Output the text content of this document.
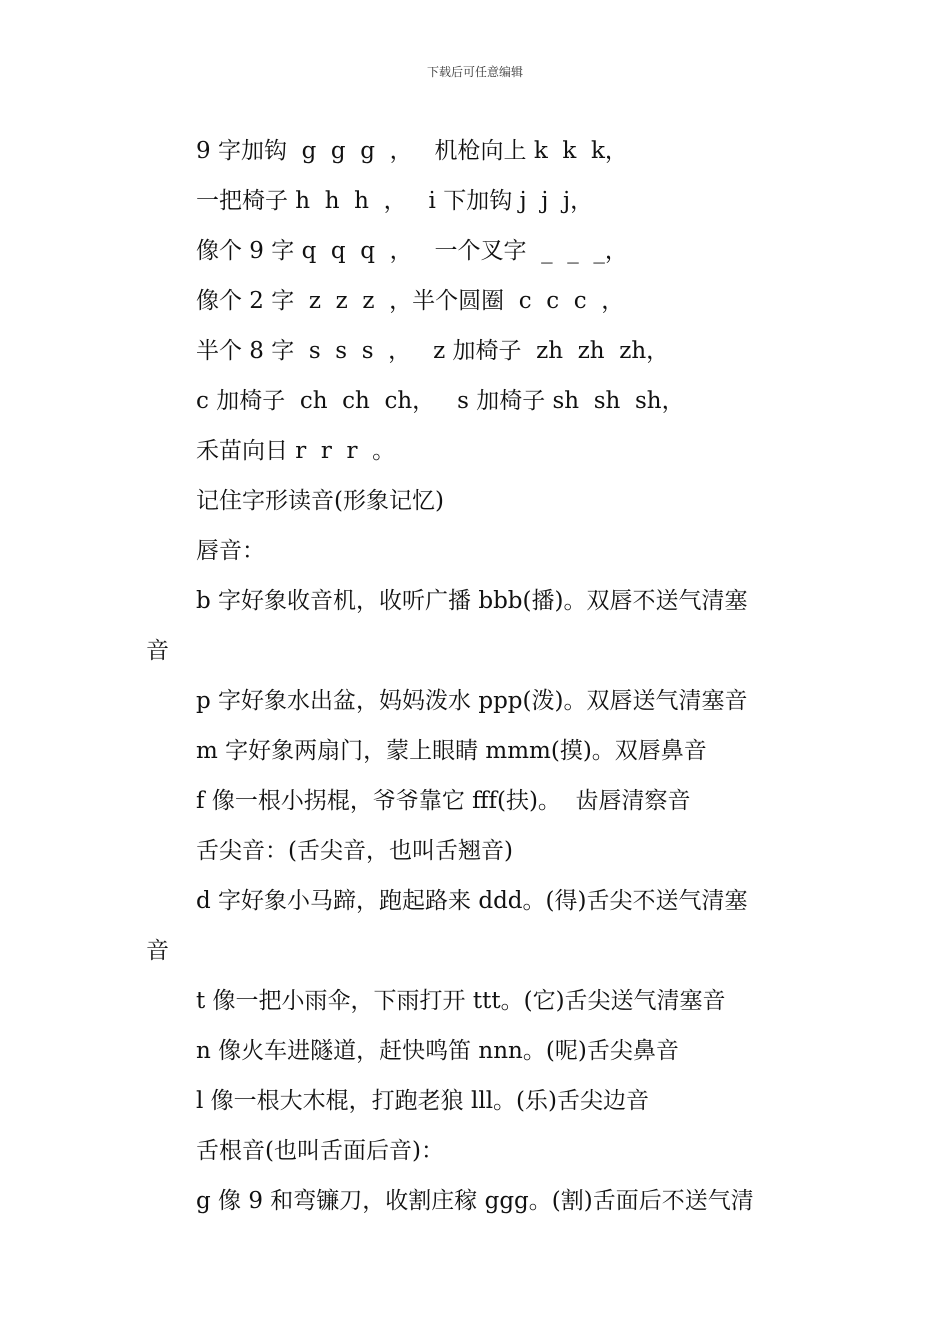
下载后可任意编辑
9 字加钩  g  g  g  ，   机枪向上 k  k  k，
一把椅子 h  h  h  ，   i 下加钩 j  j  j，
像个 9 字 q  q  q  ，   一个叉字  _  _  _，
像个 2 字  z  z  z  ，半个圆圈  c  c  c  ，
半个 8 字  s  s  s  ，   z 加椅子  zh  zh  zh，
c 加椅子  ch  ch  ch，   s 加椅子 sh  sh  sh，
禾苗向日 r  r  r  。
记住字形读音(形象记忆)
唇音：
b 字好象收音机，收听广播 bbb(播)。双唇不送气清塞
音
p 字好象水出盆，妈妈泼水 ppp(泼)。双唇送气清塞音
m 字好象两扇门，蒙上眼睛 mmm(摸)。双唇鼻音
f 像一根小拐棍，爷爷靠它 fff(扶)。  齿唇清察音
舌尖音：(舌尖音，也叫舌翘音)
d 字好象小马蹄，跑起路来 ddd。(得)舌尖不送气清塞
音
t 像一把小雨伞，下雨打开 ttt。(它)舌尖送气清塞音
n 像火车进隧道，赶快鸣笛 nnn。(呢)舌尖鼻音
l 像一根大木棍，打跑老狼 lll。(乐)舌尖边音
舌根音(也叫舌面后音)：
g 像 9 和弯镰刀，收割庄稼 ggg。(割)舌面后不送气清
